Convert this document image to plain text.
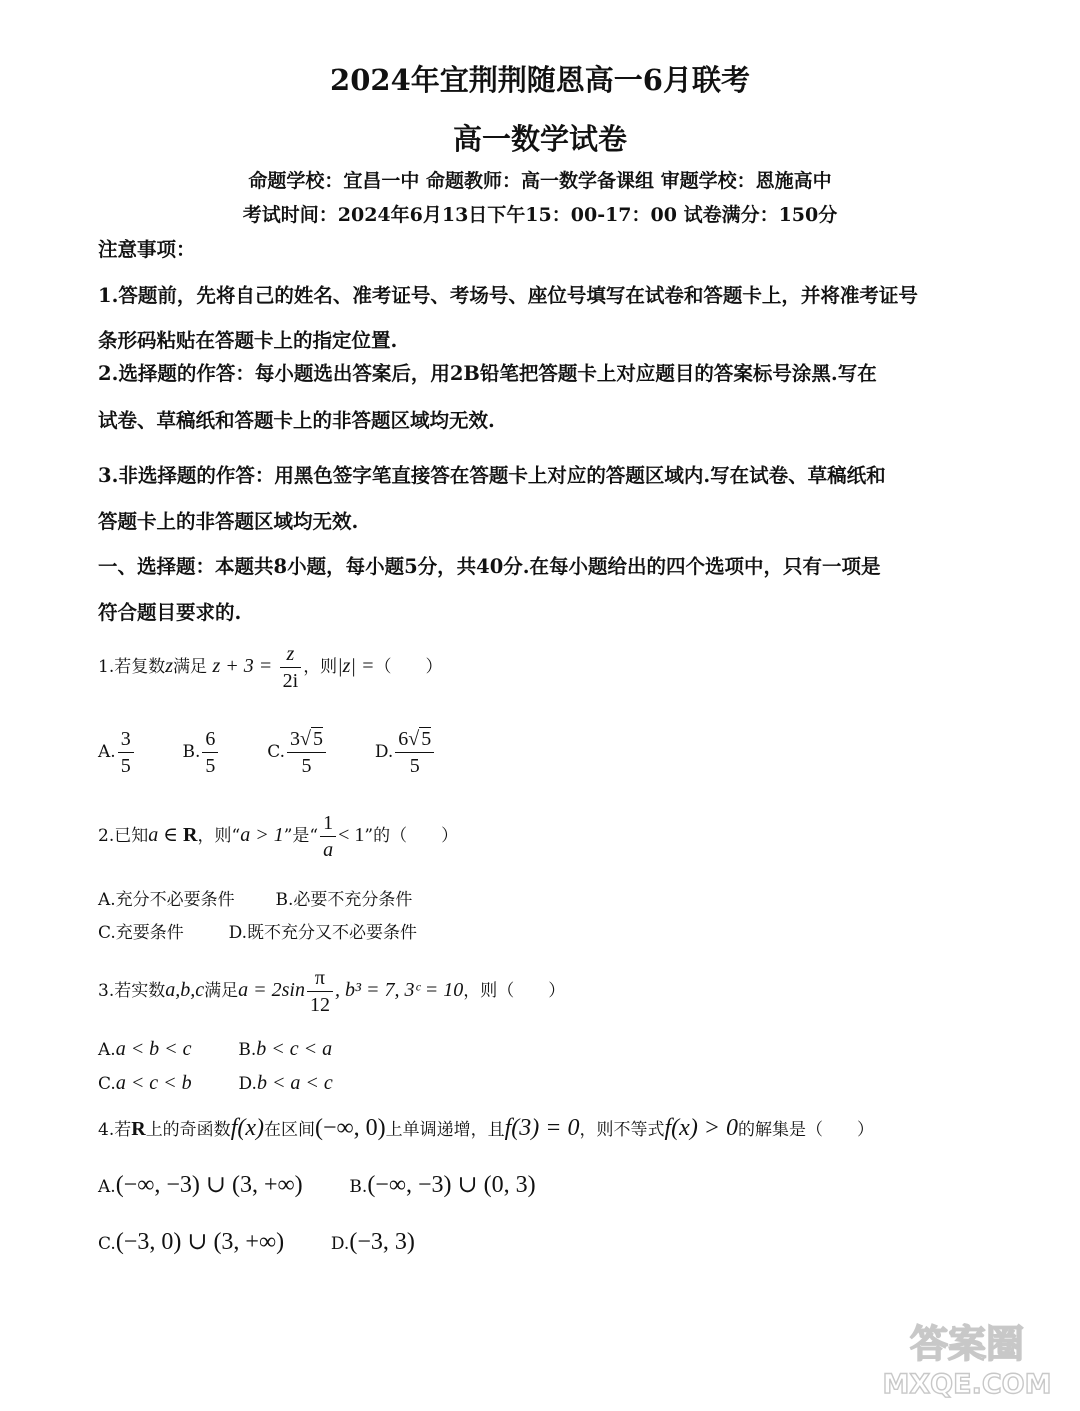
2024年宜荆荆随恩高一6月联考
高一数学试卷
命题学校：宜昌一中 命题教师：高一数学备课组 审题学校：恩施高中
考试时间：2024年6月13日下午15：00-17：00 试卷满分：150分
注意事项：
1.答题前，先将自己的姓名、准考证号、考场号、座位号填写在试卷和答题卡上，并将准考证号
条形码粘贴在答题卡上的指定位置.
2.选择题的作答：每小题选出答案后，用2B铅笔把答题卡上对应题目的答案标号涂黑.写在
试卷、草稿纸和答题卡上的非答题区域均无效.
3.非选择题的作答：用黑色签字笔直接答在答题卡上对应的答题区域内.写在试卷、草稿纸和
答题卡上的非答题区域均无效.
一、选择题：本题共8小题，每小题5分，共40分.在每小题给出的四个选项中，只有一项是
符合题目要求的.
1.若复数z满足 $z + 3 = \frac{z}{2i}$ ，则|z| =（　　）
A. $\frac{3}{5}$	B. $\frac{6}{5}$	C. $\frac{3√ 5}{5}$	D. $\frac{6√ 5}{5}$
2.已知a ∈ R，则“a > 1”是“ $\frac{1}{a} < 1$”的（　　）
A.充分不必要条件 B.必要不充分条件
C.充要条件	D.既不充分又不必要条件
3.若实数a,b,c满足$a = 2\sin \frac{\pi}{12}$ , b³ = 7, 3ᶜ = 10，则（　　）
A.a < b < c	B.b < c < a
C.a < c < b	D.b < a < c
4.若R上的奇函数f(x)在区间(−∞, 0)上单调递增，且f(3) = 0，则不等式f(x) > 0的解集是（　　）
A.(−∞, −3) ∪ (3, +∞)	B.(−∞, −3) ∪ (0, 3)
C.(−3, 0) ∪ (3, +∞)	D.(−3, 3)
答案圈
MXQE.COM
